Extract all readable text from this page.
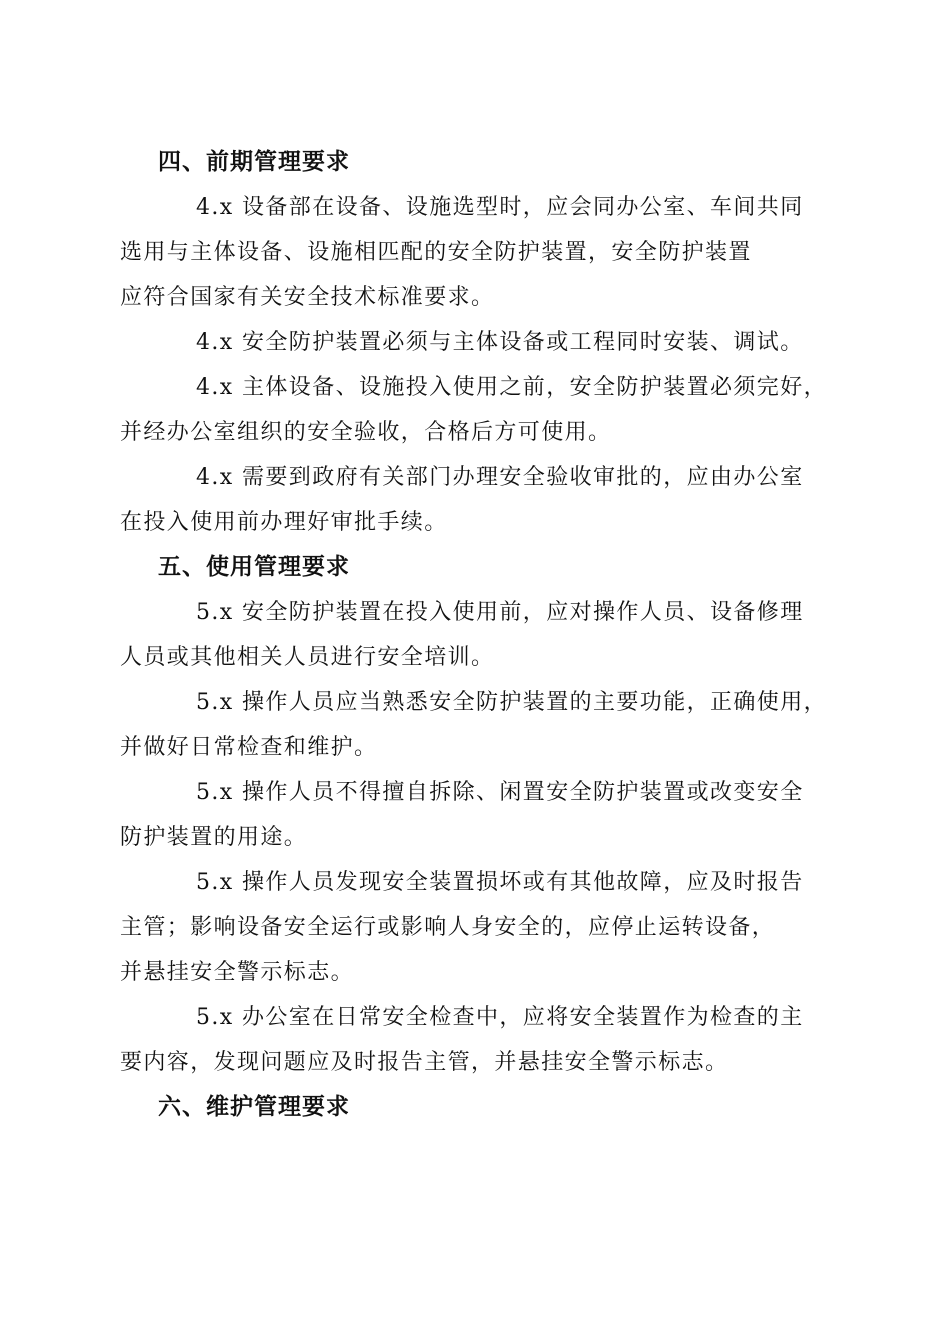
四、前期管理要求

4.x 设备部在设备、设施选型时，应会同办公室、车间共同
选用与主体设备、设施相匹配的安全防护装置，安全防护装置
应符合国家有关安全技术标准要求。

4.x 安全防护装置必须与主体设备或工程同时安装、调试。

4.x 主体设备、设施投入使用之前，安全防护装置必须完好，
并经办公室组织的安全验收，合格后方可使用。

4.x 需要到政府有关部门办理安全验收审批的，应由办公室
在投入使用前办理好审批手续。

五、使用管理要求

5.x 安全防护装置在投入使用前，应对操作人员、设备修理
人员或其他相关人员进行安全培训。

5.x 操作人员应当熟悉安全防护装置的主要功能，正确使用，
并做好日常检查和维护。

5.x 操作人员不得擅自拆除、闲置安全防护装置或改变安全
防护装置的用途。

5.x 操作人员发现安全装置损坏或有其他故障，应及时报告
主管；影响设备安全运行或影响人身安全的，应停止运转设备，
并悬挂安全警示标志。

5.x 办公室在日常安全检查中，应将安全装置作为检查的主
要内容，发现问题应及时报告主管，并悬挂安全警示标志。

六、维护管理要求
